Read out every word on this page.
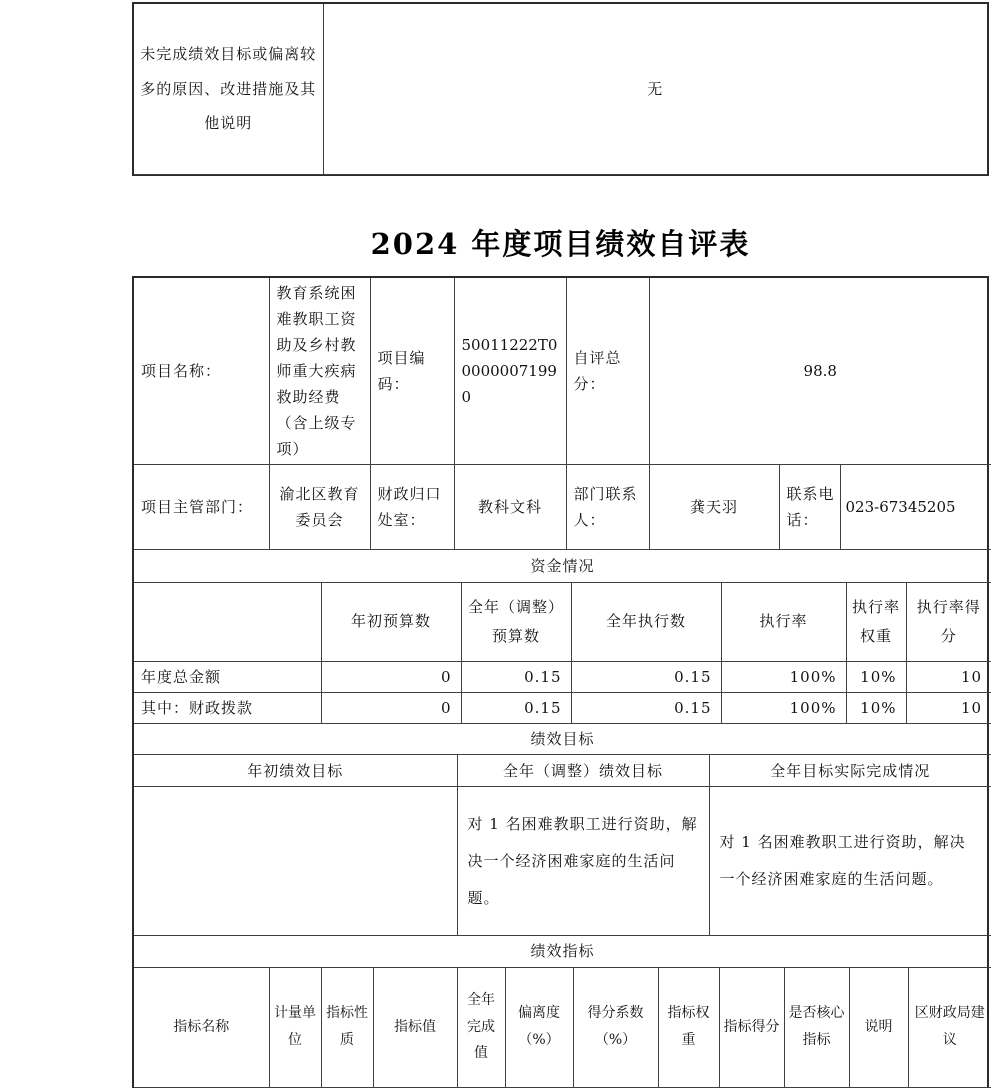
未完成绩效目标或偏离较多的原因、改进措施及其他说明	无
2024 年度项目绩效自评表
项目名称：	教育系统困难教职工资助及乡村教师重大疾病救助经费（含上级专项）	项目编码：	50011222T000000071990	自评总分：	98.8		
项目主管部门：	渝北区教育委员会	财政归口处室：	教科文科	部门联系人：	龚天羽	联系电话：	023-67345205
资金情况						
	年初预算数	全年（调整）预算数	全年执行数	执行率	执行率权重	执行率得分
年度总金额	0	0.15	0.15	100%	10%	10
其中：财政拨款	0	0.15	0.15	100%	10%	10
绩效目标		
年初绩效目标	全年（调整）绩效目标	全年目标实际完成情况
	对 1 名困难教职工进行资助，解决一个经济困难家庭的生活问题。	对 1 名困难教职工进行资助，解决一个经济困难家庭的生活问题。
绩效指标
指标名称	计量单位	指标性质	指标值	全年完成值	偏离度（%）	得分系数（%）	指标权重	指标得分	是否核心指标	说明	区财政局建议
